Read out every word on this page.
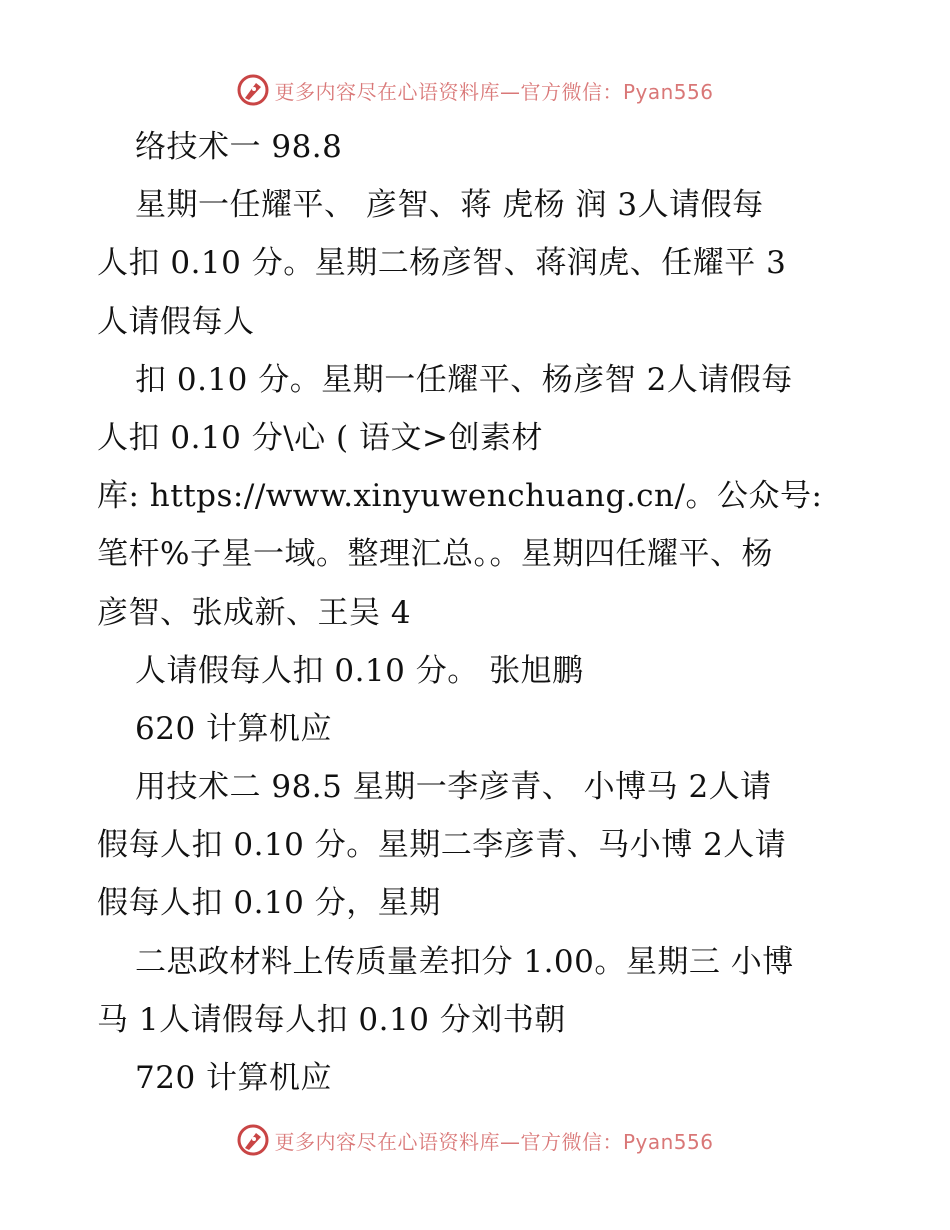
更多内容尽在心语资料库—官方微信：Pyan556
络技术一 98.8
星期一任耀平、 彦智、蒋 虎杨 润 3人请假每
人扣 0.10 分。星期二杨彦智、蒋润虎、任耀平 3
人请假每人
扣 0.10 分。星期一任耀平、杨彦智 2人请假每
人扣 0.10 分\心 ( 语文>创素材
库: https://www.xinyuwenchuang.cn/。公众号:
笔杆%子星一域。整理汇总。。星期四任耀平、杨
彦智、张成新、王吴 4
人请假每人扣 0.10 分。 张旭鹏
620 计算机应
用技术二 98.5 星期一李彦青、 小博马 2人请
假每人扣 0.10 分。星期二李彦青、马小博 2人请
假每人扣 0.10 分，星期
二思政材料上传质量差扣分 1.00。星期三 小博
马 1人请假每人扣 0.10 分刘书朝
720 计算机应
更多内容尽在心语资料库—官方微信：Pyan556
